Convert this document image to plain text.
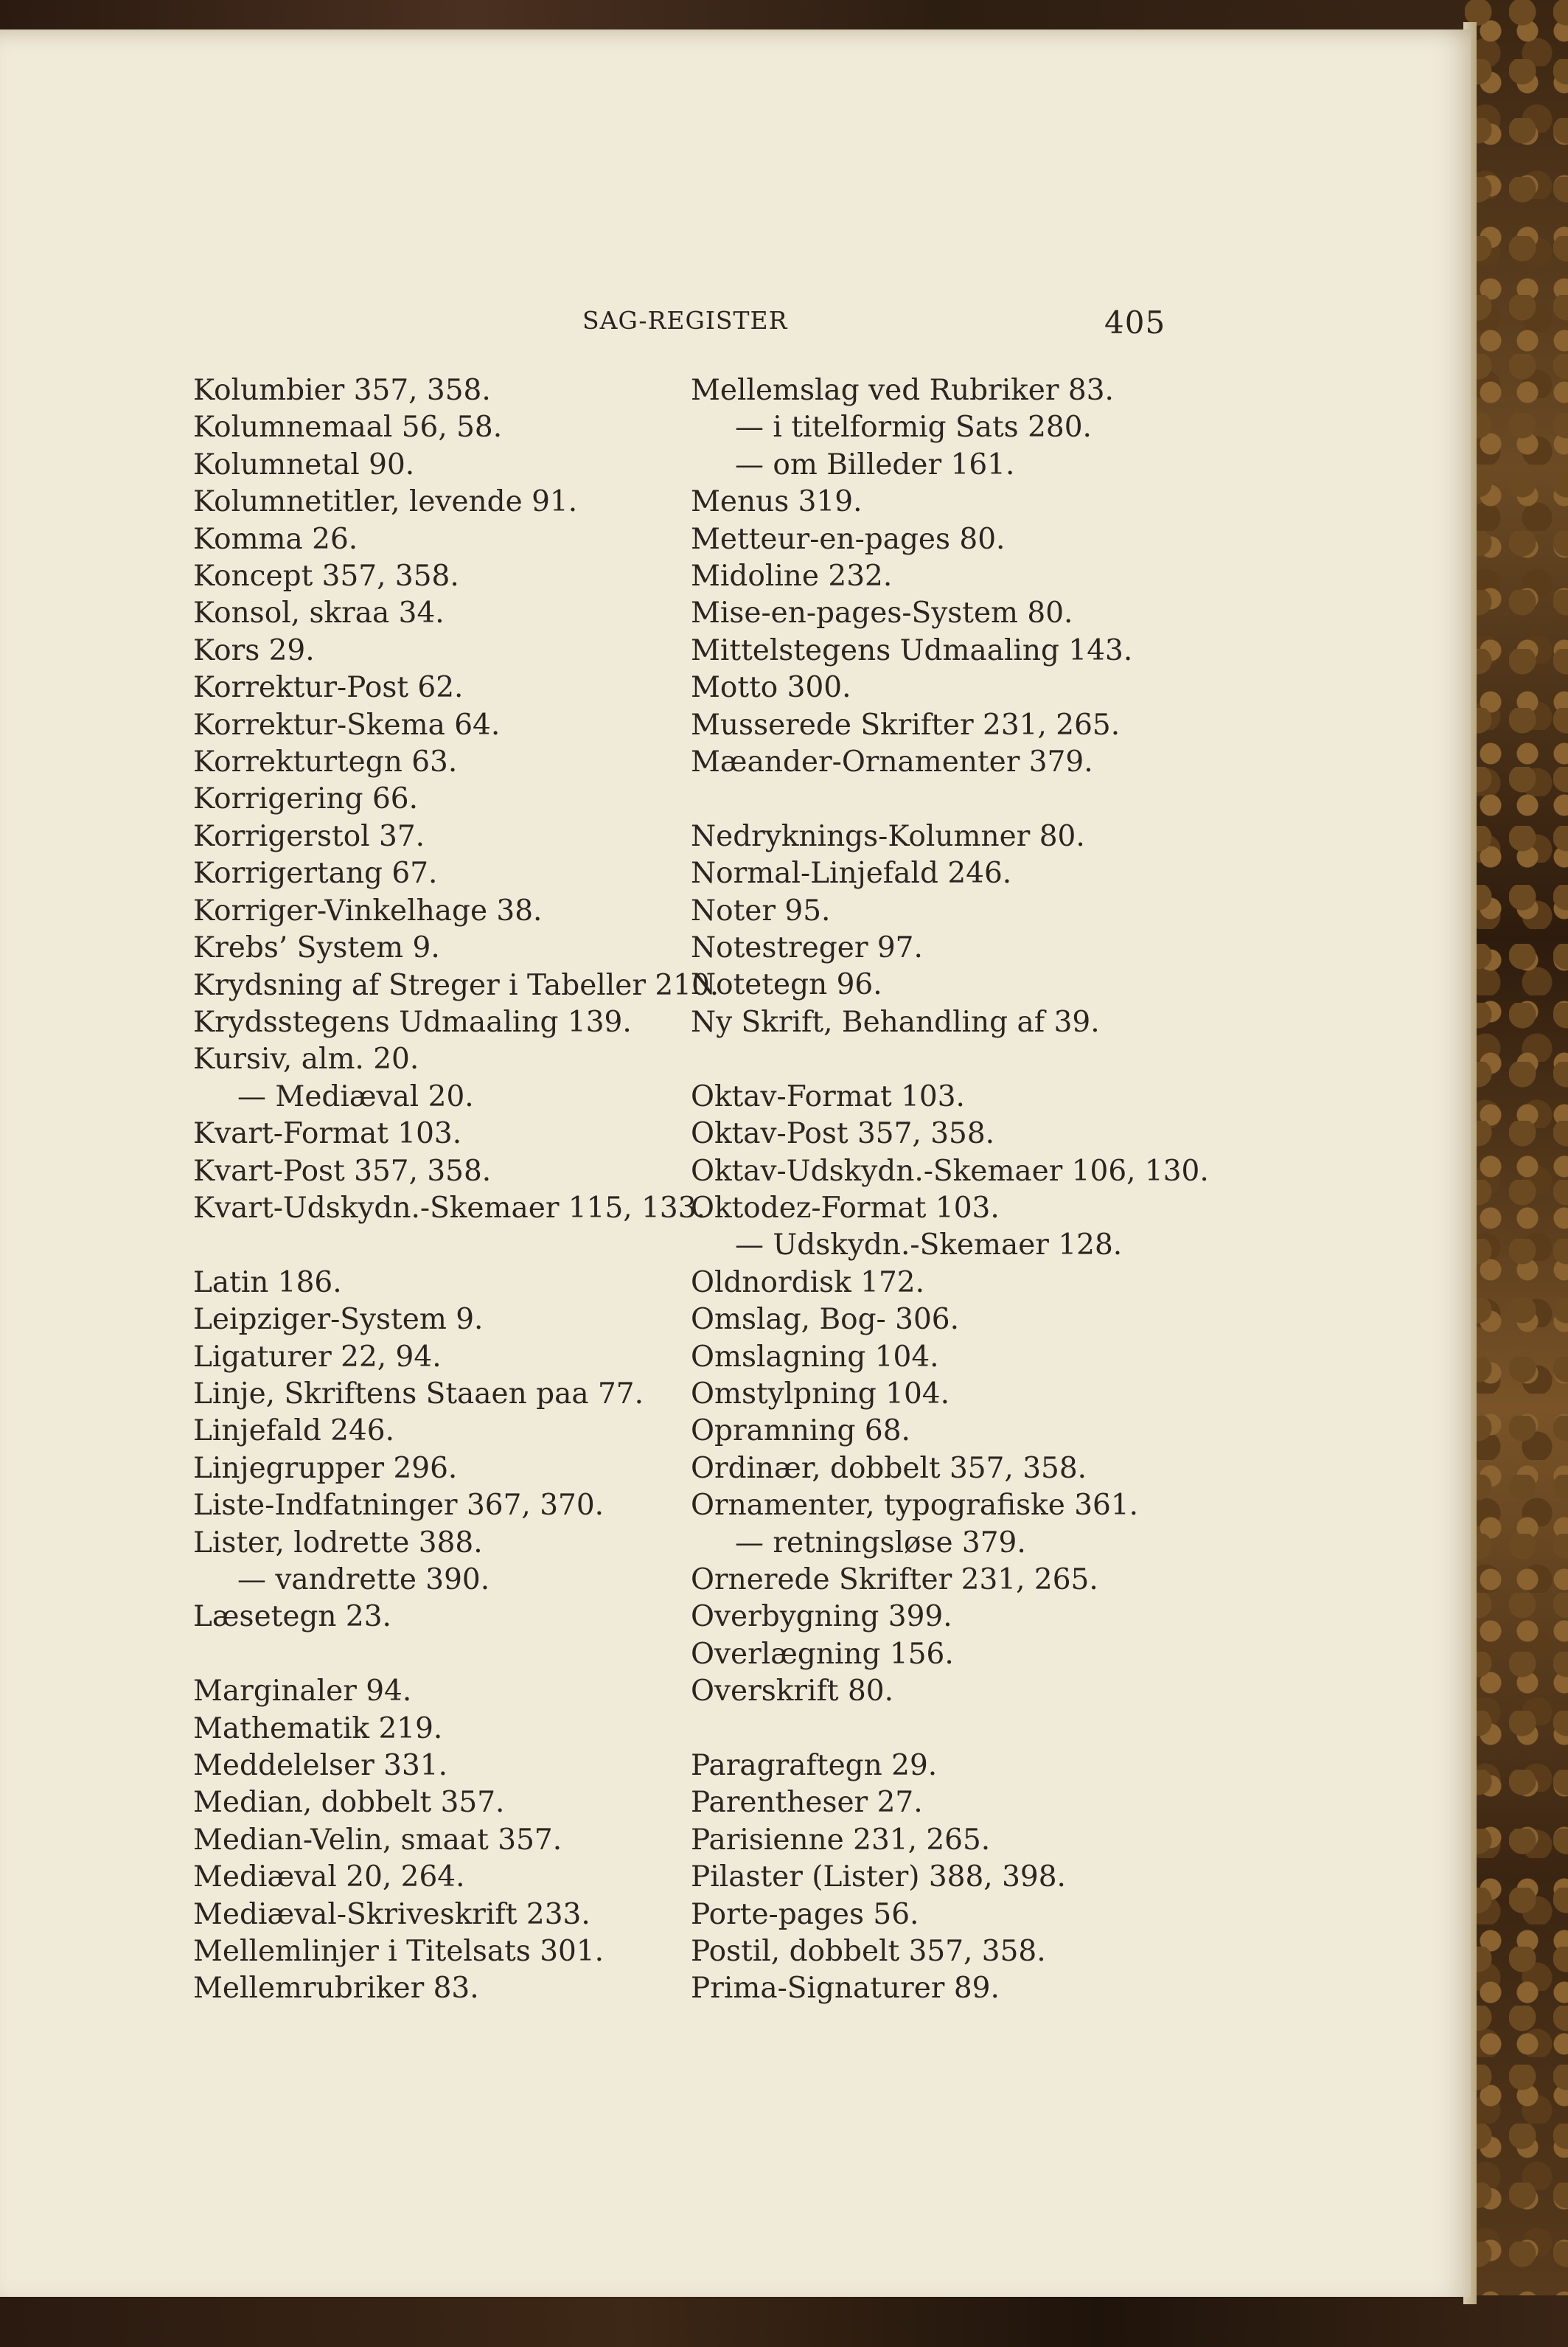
SAG-REGISTER	405
Kolumbier 357, 358.
Kolumnemaal 56, 58.
Kolumnetal 90.
Kolumnetitler, levende 91.
Komma 26.
Koncept 357, 358.
Konsol, skraa 34.
Kors 29.
Korrektur-Post 62.
Korrektur-Skema 64.
Korrekturtegn 63.
Korrigering 66.
Korrigerstol 37.
Korrigertang 67.
Korriger-Vinkelhage 38.
Krebs’ System 9.
Krydsning af Streger i Tabeller 210.
Krydsstegens Udmaaling 139.
Kursiv, alm. 20.
— Mediæval 20.
Kvart-Format 103.
Kvart-Post 357, 358.
Kvart-Udskydn.-Skemaer 115, 133.
Latin 186.
Leipziger-System 9.
Ligaturer 22, 94.
Linje, Skriftens Staaen paa 77.
Linjefald 246.
Linjegrupper 296.
Liste-Indfatninger 367, 370.
Lister, lodrette 388.
— vandrette 390.
Læsetegn 23.
Marginaler 94.
Mathematik 219.
Meddelelser 331.
Median, dobbelt 357.
Median-Velin, smaat 357.
Mediæval 20, 264.
Mediæval-Skriveskrift 233.
Mellemlinjer i Titelsats 301.
Mellemrubriker 83.
Mellemslag ved Rubriker 83.
— i titelformig Sats 280.
— om Billeder 161.
Menus 319.
Metteur-en-pages 80.
Midoline 232.
Mise-en-pages-System 80.
Mittelstegens Udmaaling 143.
Motto 300.
Musserede Skrifter 231, 265.
Mæander-Ornamenter 379.
Nedryknings-Kolumner 80.
Normal-Linjefald 246.
Noter 95.
Notestreger 97.
Notetegn 96.
Ny Skrift, Behandling af 39.
Oktav-Format 103.
Oktav-Post 357, 358.
Oktav-Udskydn.-Skemaer 106, 130.
Oktodez-Format 103.
— Udskydn.-Skemaer 128.
Oldnordisk 172.
Omslag, Bog- 306.
Omslagning 104.
Omstylpning 104.
Opramning 68.
Ordinær, dobbelt 357, 358.
Ornamenter, typografiske 361.
— retningsløse 379.
Ornerede Skrifter 231, 265.
Overbygning 399.
Overlægning 156.
Overskrift 80.
Paragraftegn 29.
Parentheser 27.
Parisienne 231, 265.
Pilaster (Lister) 388, 398.
Porte-pages 56.
Postil, dobbelt 357, 358.
Prima-Signaturer 89.
